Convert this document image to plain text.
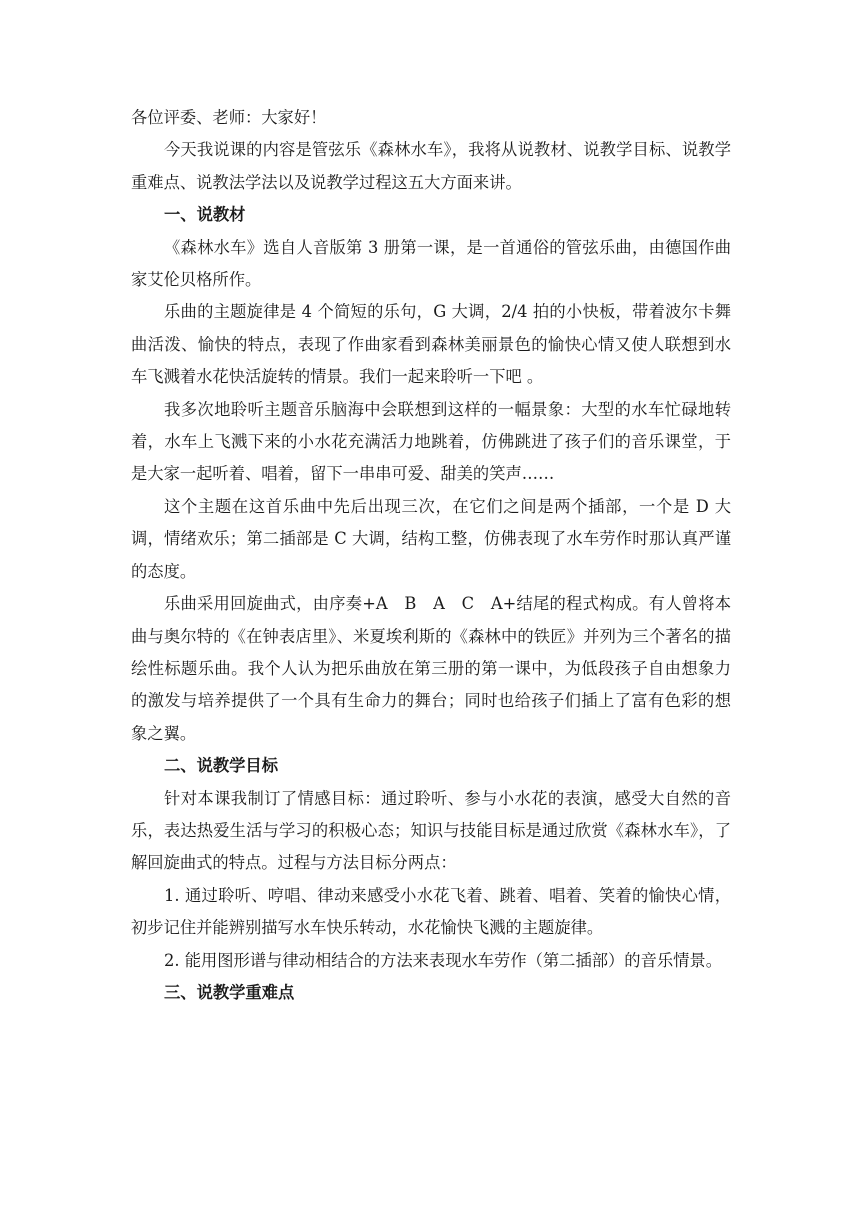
各位评委、老师：大家好！

今天我说课的内容是管弦乐《森林水车》，我将从说教材、说教学目标、说教学重难点、说教法学法以及说教学过程这五大方面来讲。

一、说教材

《森林水车》选自人音版第 3 册第一课，是一首通俗的管弦乐曲，由德国作曲家艾伦贝格所作。

乐曲的主题旋律是 4 个简短的乐句，G 大调，2/4 拍的小快板，带着波尔卡舞曲活泼、愉快的特点，表现了作曲家看到森林美丽景色的愉快心情又使人联想到水车飞溅着水花快活旋转的情景。我们一起来聆听一下吧 。

我多次地聆听主题音乐脑海中会联想到这样的一幅景象：大型的水车忙碌地转着，水车上飞溅下来的小水花充满活力地跳着，仿佛跳进了孩子们的音乐课堂，于是大家一起听着、唱着，留下一串串可爱、甜美的笑声……

这个主题在这首乐曲中先后出现三次，在它们之间是两个插部，一个是 D 大调，情绪欢乐；第二插部是 C 大调，结构工整，仿佛表现了水车劳作时那认真严谨的态度。

乐曲采用回旋曲式，由序奏+A　B　A　C　A+结尾的程式构成。有人曾将本曲与奥尔特的《在钟表店里》、米夏埃利斯的《森林中的铁匠》并列为三个著名的描绘性标题乐曲。我个人认为把乐曲放在第三册的第一课中，为低段孩子自由想象力的激发与培养提供了一个具有生命力的舞台；同时也给孩子们插上了富有色彩的想象之翼。

二、说教学目标

针对本课我制订了情感目标：通过聆听、参与小水花的表演，感受大自然的音乐，表达热爱生活与学习的积极心态；知识与技能目标是通过欣赏《森林水车》，了解回旋曲式的特点。过程与方法目标分两点：

1. 通过聆听、哼唱、律动来感受小水花飞着、跳着、唱着、笑着的愉快心情，初步记住并能辨别描写水车快乐转动，水花愉快飞溅的主题旋律。

2. 能用图形谱与律动相结合的方法来表现水车劳作（第二插部）的音乐情景。

三、说教学重难点
